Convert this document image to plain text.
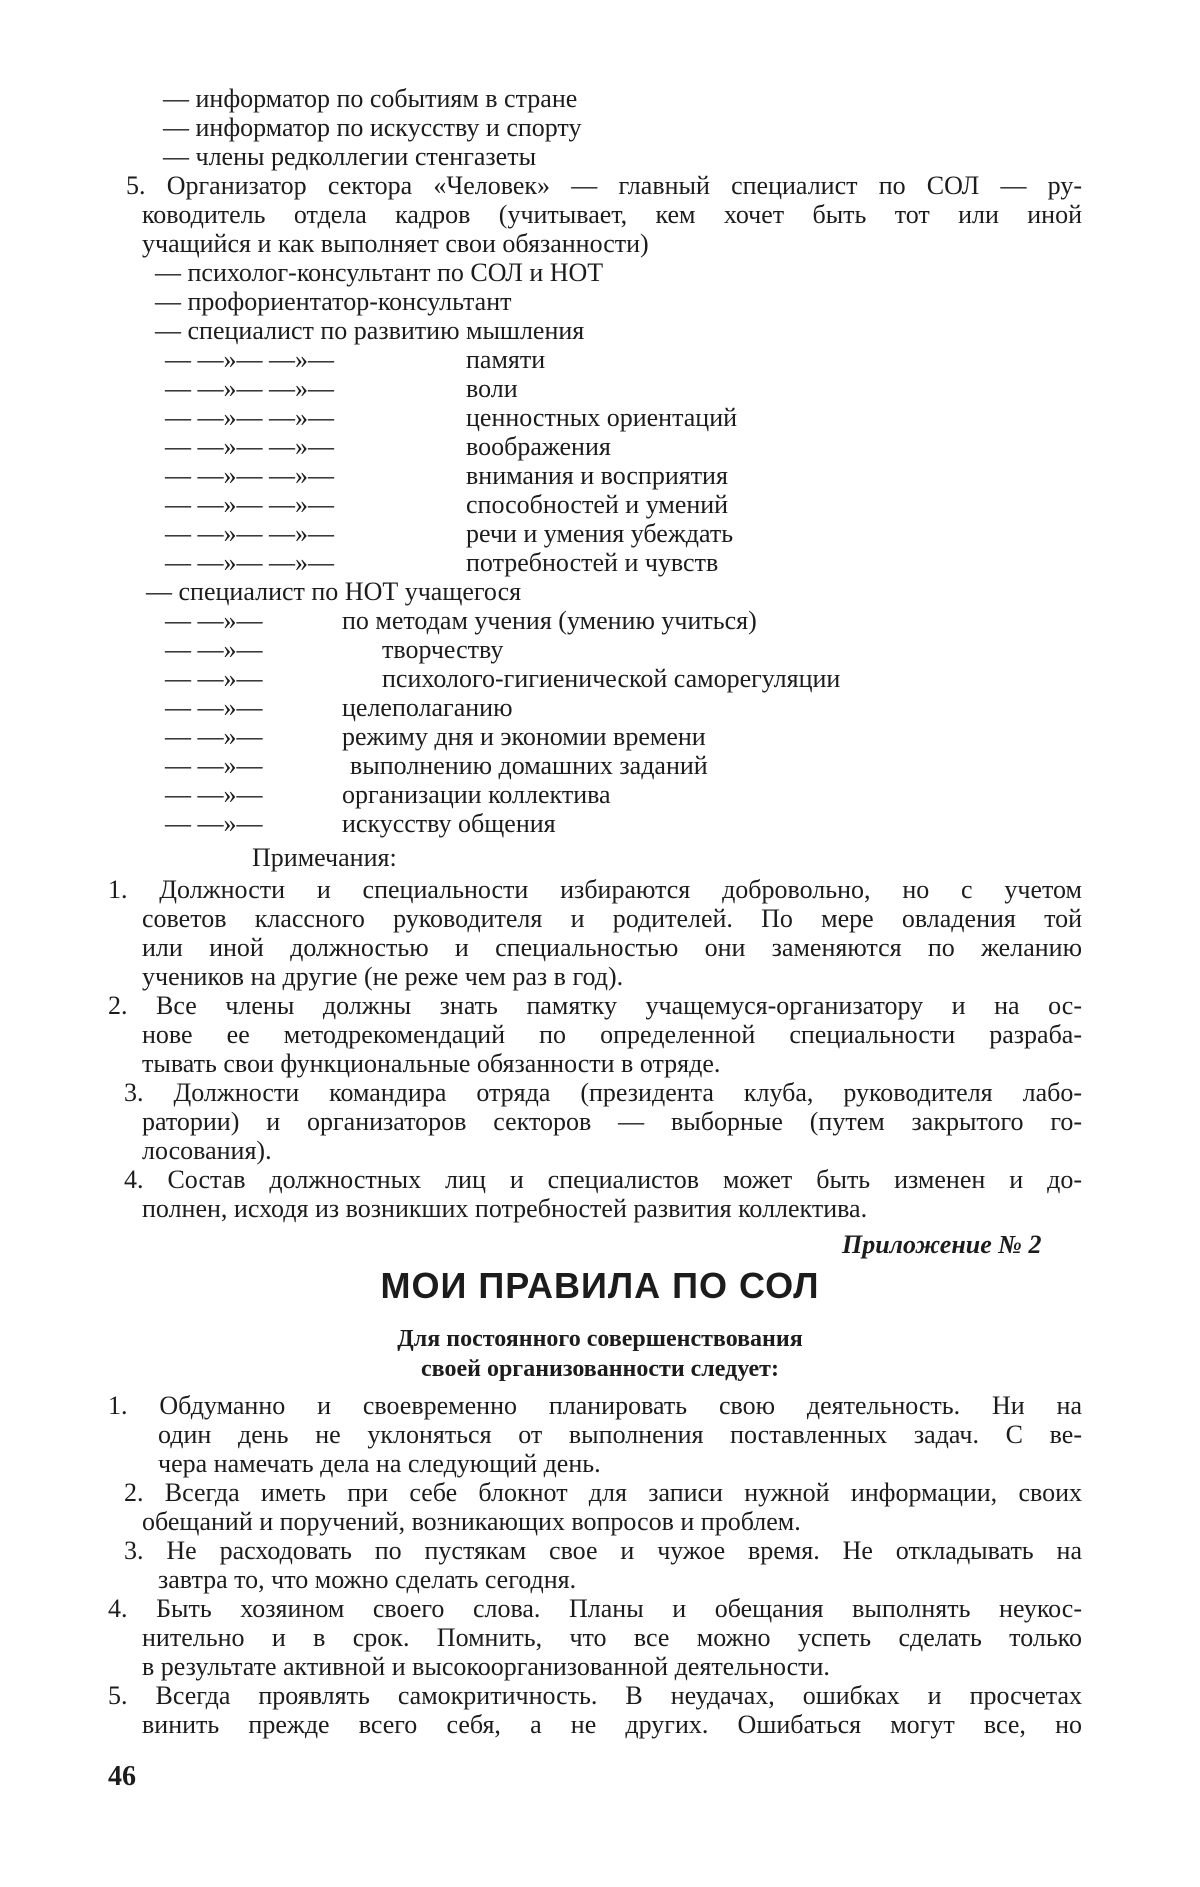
— информатор по событиям в стране
— информатор по искусству и спорту
— члены редколлегии стенгазеты
5. Организатор сектора «Человек» — главный специалист по СОЛ — ру-
ководитель отдела кадров (учитывает, кем хочет быть тот или иной
учащийся и как выполняет свои обязанности)
— психолог-консультант по СОЛ и НОТ
— профориентатор-консультант
— специалист по развитию мышления
— —»— —»—	памяти
— —»— —»—	воли
— —»— —»—	ценностных ориентаций
— —»— —»—	воображения
— —»— —»—	внимания и восприятия
— —»— —»—	способностей и умений
— —»— —»—	речи и умения убеждать
— —»— —»—	потребностей и чувств
— специалист по НОТ учащегося
— —»—	по методам учения (умению учиться)
— —»—	творчеству
— —»—	психолого-гигиенической саморегуляции
— —»—	целеполаганию
— —»—	режиму дня и экономии времени
— —»—	выполнению домашних заданий
— —»—	организации коллектива
— —»—	искусству общения
Примечания:
1. Должности и специальности избираются добровольно, но с учетом
советов классного руководителя и родителей. По мере овладения той
или иной должностью и специальностью они заменяются по желанию
учеников на другие (не реже чем раз в год).
2. Все члены должны знать памятку учащемуся-организатору и на ос-
нове ее методрекомендаций по определенной специальности разраба-
тывать свои функциональные обязанности в отряде.
3. Должности командира отряда (президента клуба, руководителя лабо-
ратории) и организаторов секторов — выборные (путем закрытого го-
лосования).
4. Состав должностных лиц и специалистов может быть изменен и до-
полнен, исходя из возникших потребностей развития коллектива.
Приложение № 2
МОИ ПРАВИЛА ПО СОЛ
Для постоянного совершенствования
своей организованности следует:
1. Обдуманно и своевременно планировать свою деятельность. Ни на
один день не уклоняться от выполнения поставленных задач. С ве-
чера намечать дела на следующий день.
2. Всегда иметь при себе блокнот для записи нужной информации, своих
обещаний и поручений, возникающих вопросов и проблем.
3. Не расходовать по пустякам свое и чужое время. Не откладывать на
завтра то, что можно сделать сегодня.
4. Быть хозяином своего слова. Планы и обещания выполнять неукос-
нительно и в срок. Помнить, что все можно успеть сделать только
в результате активной и высокоорганизованной деятельности.
5. Всегда проявлять самокритичность. В неудачах, ошибках и просчетах
винить прежде всего себя, а не других. Ошибаться могут все, но
46
